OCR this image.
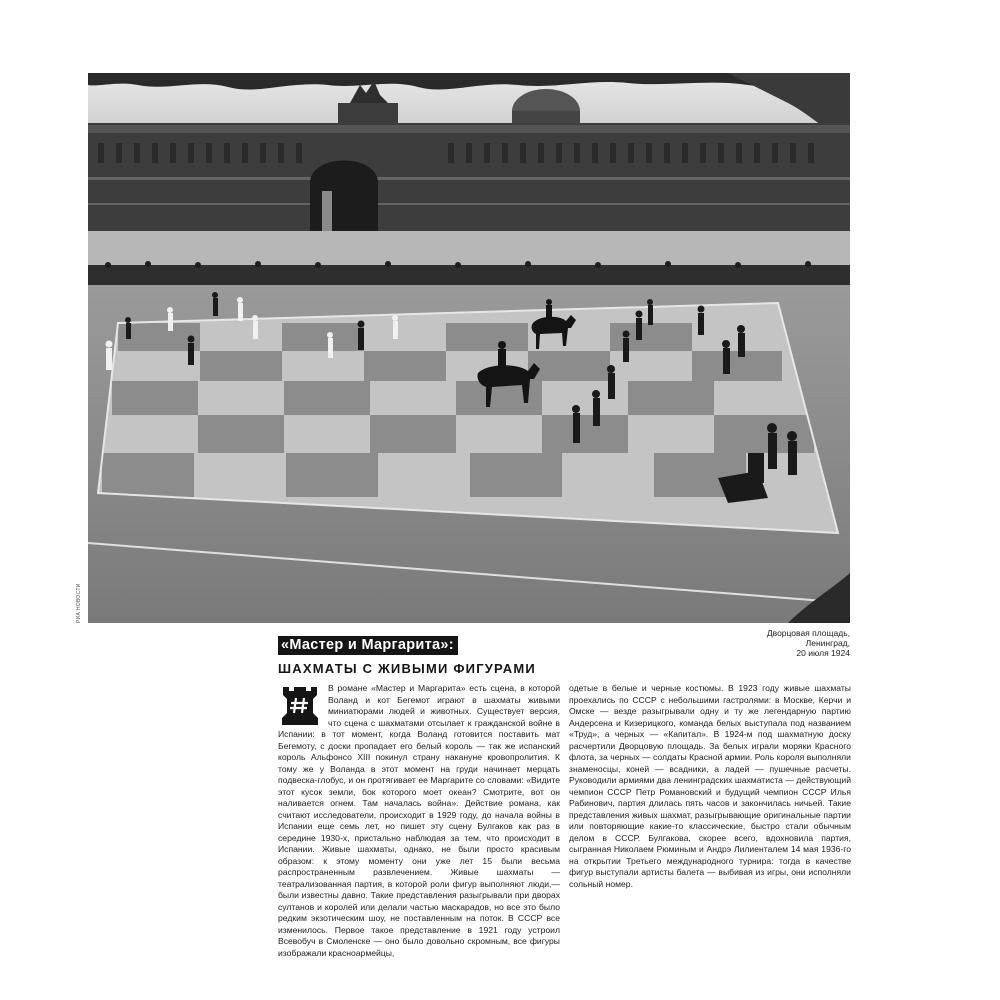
РИА НОВОСТИ
Дворцовая площадь,
Ленинград,
20 июля 1924
«Мастер и Маргарита»:
ШАХМАТЫ С ЖИВЫМИ ФИГУРАМИ
В романе «Мастер и Маргарита» есть сцена, в которой Воланд и кот Бегемот играют в шахматы живыми миниатюрами людей и животных. Существует версия, что сцена с шахматами отсылает к гражданской войне в Испании: в тот момент, когда Воланд готовится поставить мат Бегемоту, с доски пропадает его белый король — так же испанский король Альфонсо XIII покинул страну накануне кровопролития. К тому же у Воланда в этот момент на груди начинает мерцать подвеска-глобус, и он протягивает ее Маргарите со словами: «Видите этот кусок земли, бок которого моет океан? Смотрите, вот он наливается огнем. Там началась война». Действие романа, как считают исследователи, происходит в 1929 году, до начала войны в Испании еще семь лет, но пишет эту сцену Булгаков как раз в середине 1930-х, пристально наблюдая за тем, что происходит в Испании. Живые шахматы, однако, не были просто красивым образом: к этому моменту они уже лет 15 были весьма распространенным развлечением. Живые шахматы — театрализованная партия, в которой роли фигур выполняют люди,— были известны давно. Такие представления разыгрывали при дворах султанов и королей или делали частью маскарадов, но все это было редким экзотическим шоу, не поставленным на поток. В СССР все изменилось. Первое такое представление в 1921 году устроил Всевобуч в Смоленске — оно было довольно скромным, все фигуры изображали красноармейцы,
одетые в белые и черные костюмы. В 1923 году живые шахматы проехались по СССР с небольшими гастролями: в Москве, Керчи и Омске — везде разыгрывали одну и ту же легендарную партию Андерсена и Кизерицкого, команда белых выступала под названием «Труд», а черных — «Капитал». В 1924-м под шахматную доску расчертили Дворцовую площадь. За белых играли моряки Красного флота, за черных — солдаты Красной армии. Роль короля выполняли знаменосцы, коней — всадники, а ладей — пушечные расчеты. Руководили армиями два ленинградских шахматиста — действующий чемпион СССР Петр Романовский и будущий чемпион СССР Илья Рабинович, партия длилась пять часов и закончилась ничьей. Такие представления живых шахмат, разыгрывающие оригинальные партии или повторяющие какие-то классические, быстро стали обычным делом в СССР. Булгакова, скорее всего, вдохновила партия, сыгранная Николаем Рюминым и Андрэ Лилиенталем 14 мая 1936-го на открытии Третьего международного турнира: тогда в качестве фигур выступали артисты балета — выбивая из игры, они исполняли сольный номер.
